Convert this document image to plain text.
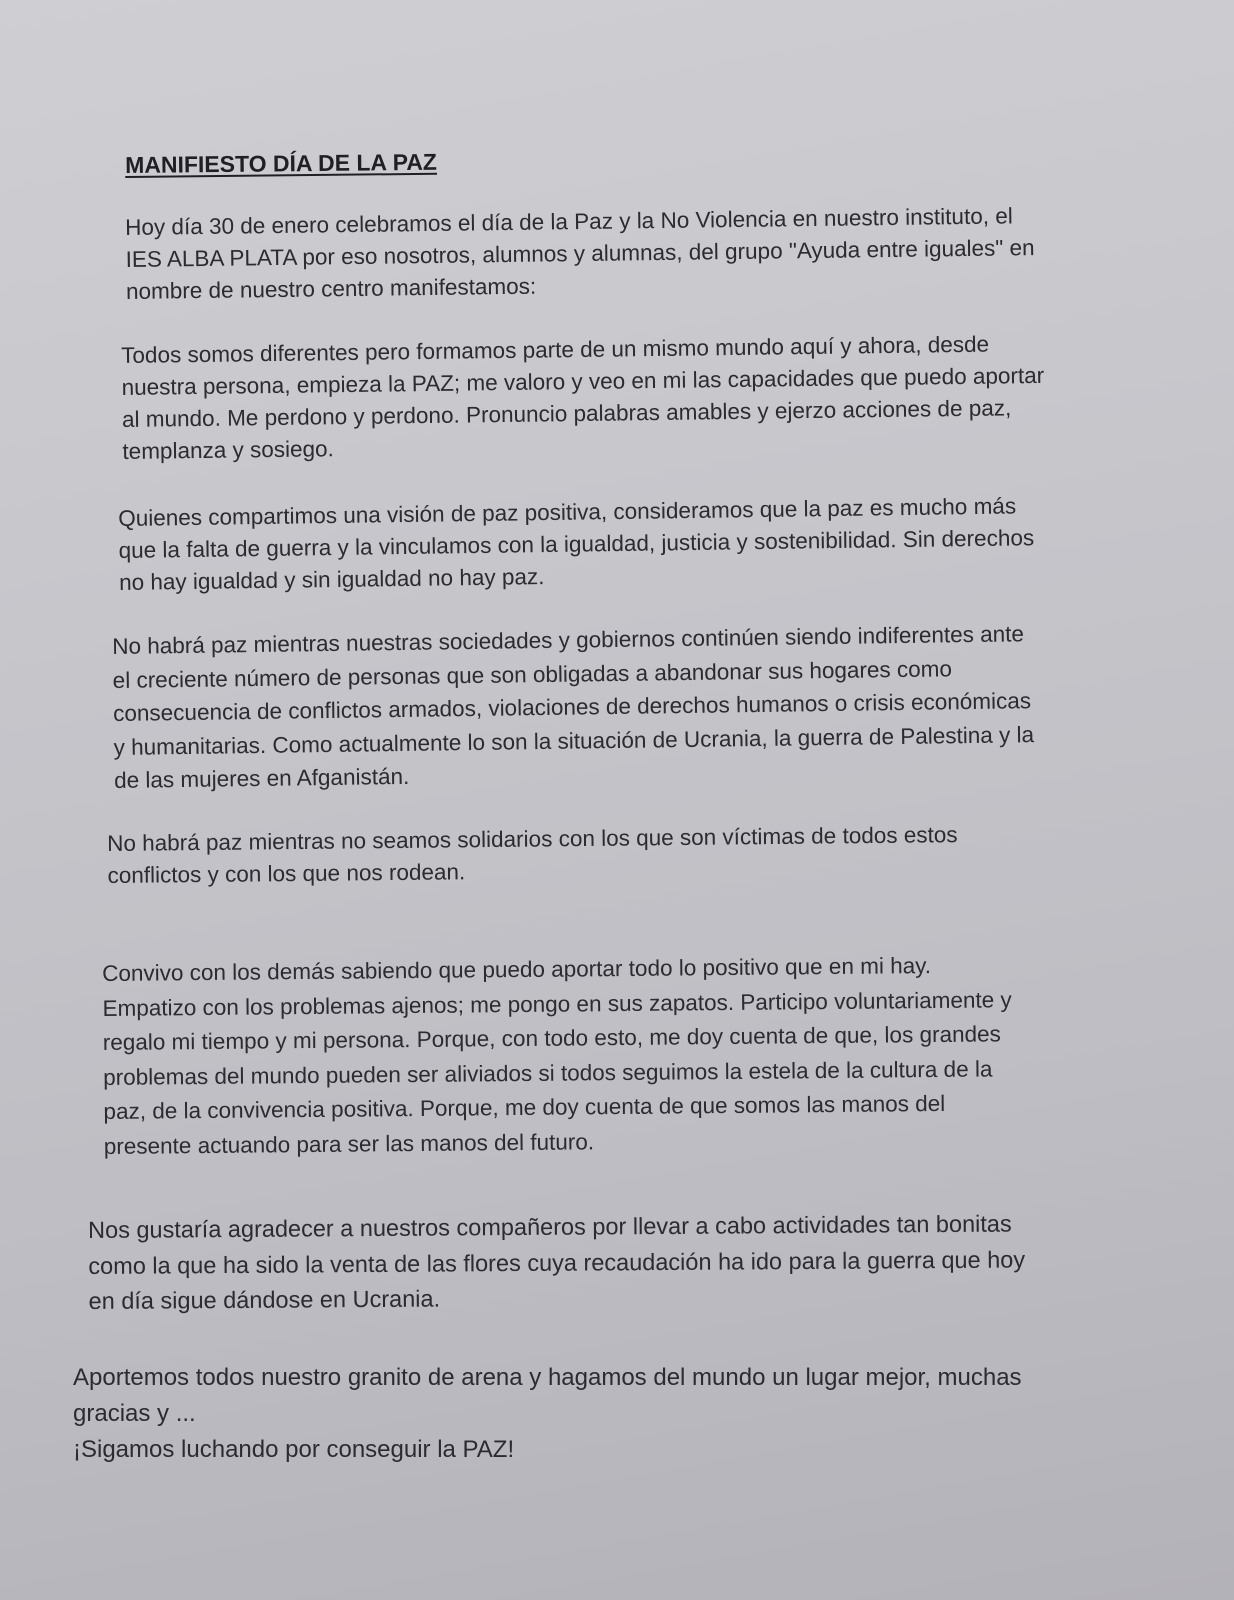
MANIFIESTO DÍA DE LA PAZ
Hoy día 30 de enero celebramos el día de la Paz y la No Violencia en nuestro instituto, el
IES ALBA PLATA por eso nosotros, alumnos y alumnas, del grupo "Ayuda entre iguales" en
nombre de nuestro centro manifestamos:
Todos somos diferentes pero formamos parte de un mismo mundo aquí y ahora, desde
nuestra persona, empieza la PAZ; me valoro y veo en mi las capacidades que puedo aportar
al mundo. Me perdono y perdono. Pronuncio palabras amables y ejerzo acciones de paz,
templanza y sosiego.
Quienes compartimos una visión de paz positiva, consideramos que la paz es mucho más
que la falta de guerra y la vinculamos con la igualdad, justicia y sostenibilidad. Sin derechos
no hay igualdad y sin igualdad no hay paz.
No habrá paz mientras nuestras sociedades y gobiernos continúen siendo indiferentes ante
el creciente número de personas que son obligadas a abandonar sus hogares como
consecuencia de conflictos armados, violaciones de derechos humanos o crisis económicas
y humanitarias. Como actualmente lo son la situación de Ucrania, la guerra de Palestina y la
de las mujeres en Afganistán.
No habrá paz mientras no seamos solidarios con los que son víctimas de todos estos
conflictos y con los que nos rodean.
Convivo con los demás sabiendo que puedo aportar todo lo positivo que en mi hay.
Empatizo con los problemas ajenos; me pongo en sus zapatos. Participo voluntariamente y
regalo mi tiempo y mi persona. Porque, con todo esto, me doy cuenta de que, los grandes
problemas del mundo pueden ser aliviados si todos seguimos la estela de la cultura de la
paz, de la convivencia positiva. Porque, me doy cuenta de que somos las manos del
presente actuando para ser las manos del futuro.
Nos gustaría agradecer a nuestros compañeros por llevar a cabo actividades tan bonitas
como la que ha sido la venta de las flores cuya recaudación ha ido para la guerra que hoy
en día sigue dándose en Ucrania.
Aportemos todos nuestro granito de arena y hagamos del mundo un lugar mejor, muchas
gracias y ...
¡Sigamos luchando por conseguir la PAZ!
